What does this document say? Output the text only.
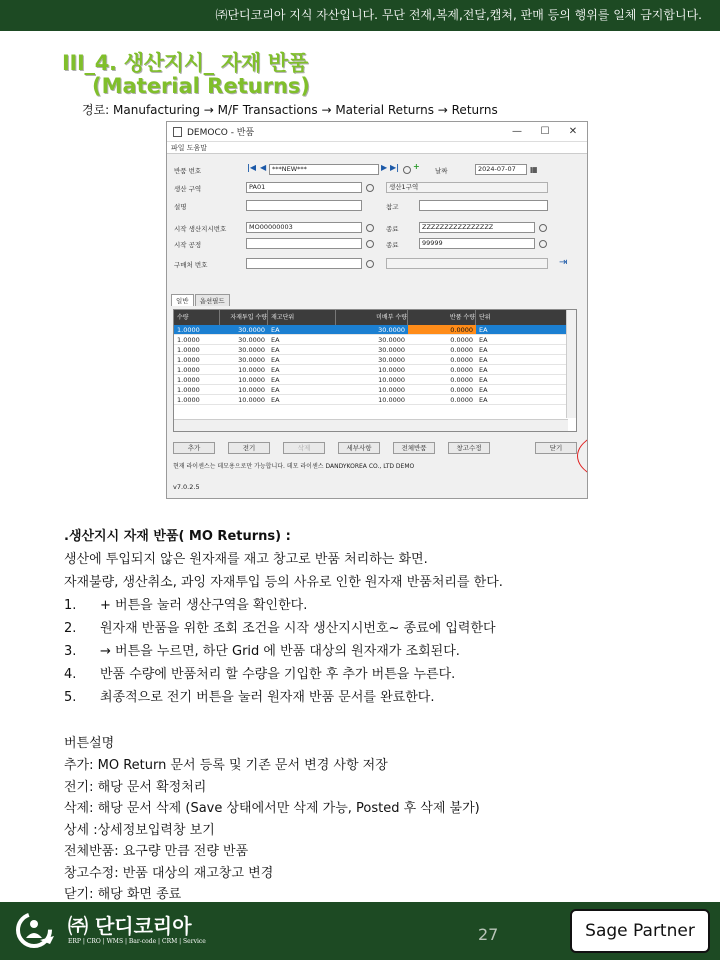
㈜단디코리아 지식 자산입니다. 무단 전재,복제,전달,캡쳐, 판매 등의 행위를 일체 금지합니다.
III_4. 생산지시_ 자재 반품
(Material Returns)
경로: Manufacturing → M/F Transactions → Material Returns → Returns
DEMOCO - 반품	—	☐	✕
파일 도움말
반품 번호	|◀ ◀ ***NEW***	▶ ▶| + 날짜	2024-07-07	▦
생산 구역	PA01	생산1구역
설명	참고
시작 생산지시번호	MO00000003	종료	ZZZZZZZZZZZZZZZZ
시작 공정	종료	99999
구매처 번호	⇥
일반	옵션필드
수량	자재투입 수량 재고단위	미배부 수량	반품 수량 단위
1.0000	30.0000 EA	30.0000	0.0000 EA
1.0000	30.0000 EA	30.0000	0.0000 EA
1.0000	30.0000 EA	30.0000	0.0000 EA
1.0000	30.0000 EA	30.0000	0.0000 EA
1.0000	10.0000 EA	10.0000	0.0000 EA
1.0000	10.0000 EA	10.0000	0.0000 EA
1.0000	10.0000 EA	10.0000	0.0000 EA
1.0000	10.0000 EA	10.0000	0.0000 EA
추가	전기	삭제	세부사항	전체반품	창고수정	닫기
현재 라이센스는 데모용으로만 가능합니다. 데모 라이센스 DANDYKOREA CO., LTD DEMO
v7.0.2.5
.생산지시 자재 반품( MO Returns) :
생산에 투입되지 않은 원자재를 재고 창고로 반품 처리하는 화면.
자재불량, 생산취소, 과잉 자재투입 등의 사유로 인한 원자재 반품처리를 한다.
1.	+ 버튼을 눌러 생산구역을 확인한다.
2.	원자재 반품을 위한 조회 조건을 시작 생산지시번호~ 종료에 입력한다
3.	→ 버튼을 누르면, 하단 Grid 에 반품 대상의 원자재가 조회된다.
4.	반품 수량에 반품처리 할 수량을 기입한 후 추가 버튼을 누른다.
5.	최종적으로 전기 버튼을 눌러 원자재 반품 문서를 완료한다.
버튼설명
추가: MO Return 문서 등록 및 기존 문서 변경 사항 저장
전기: 해당 문서 확정처리
삭제: 해당 문서 삭제 (Save 상태에서만 삭제 가능, Posted 후 삭제 불가)
상세 :상세정보입력창 보기
전체반품: 요구량 만큼 전량 반품
창고수정: 반품 대상의 재고창고 변경
닫기: 해당 화면 종료
㈜ 단디코리아
ERP | CRO | WMS | Bar-code | CRM | Service	27	Sage Partner
